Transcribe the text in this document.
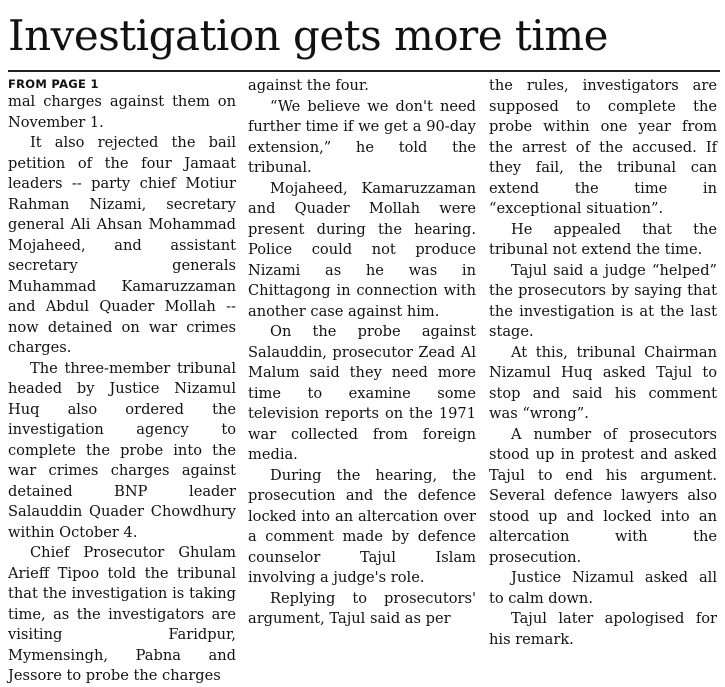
Investigation gets more time
FROM PAGE 1

mal charges against them on November 1.

It also rejected the bail petition of the four Jamaat leaders -- party chief Motiur Rahman Nizami, secretary general Ali Ahsan Mohammad Mojaheed, and assistant secretary generals Muhammad Kamaruzzaman and Abdul Quader Mollah -- now detained on war crimes charges.

The three-member tribunal headed by Justice Nizamul Huq also ordered the investigation agency to complete the probe into the war crimes charges against detained BNP leader Salauddin Quader Chowdhury within October 4.

Chief Prosecutor Ghulam Arieff Tipoo told the tribunal that the investigation is taking time, as the investigators are visiting Faridpur, Mymensingh, Pabna and Jessore to probe the charges

against the four.

“We believe we don't need further time if we get a 90-day extension,” he told the tribunal.

Mojaheed, Kamaruzzaman and Quader Mollah were present during the hearing. Police could not produce Nizami as he was in Chittagong in connection with another case against him.

On the probe against Salauddin, prosecutor Zead Al Malum said they need more time to examine some television reports on the 1971 war collected from foreign media.

During the hearing, the prosecution and the defence locked into an altercation over a comment made by defence counselor Tajul Islam involving a judge's role.

Replying to prosecutors' argument, Tajul said as per

the rules, investigators are supposed to complete the probe within one year from the arrest of the accused. If they fail, the tribunal can extend the time in “exceptional situation”.

He appealed that the tribunal not extend the time.

Tajul said a judge “helped” the prosecutors by saying that the investigation is at the last stage.

At this, tribunal Chairman Nizamul Huq asked Tajul to stop and said his comment was “wrong”.

A number of prosecutors stood up in protest and asked Tajul to end his argument. Several defence lawyers also stood up and locked into an altercation with the prosecution.

Justice Nizamul asked all to calm down.

Tajul later apologised for his remark.
